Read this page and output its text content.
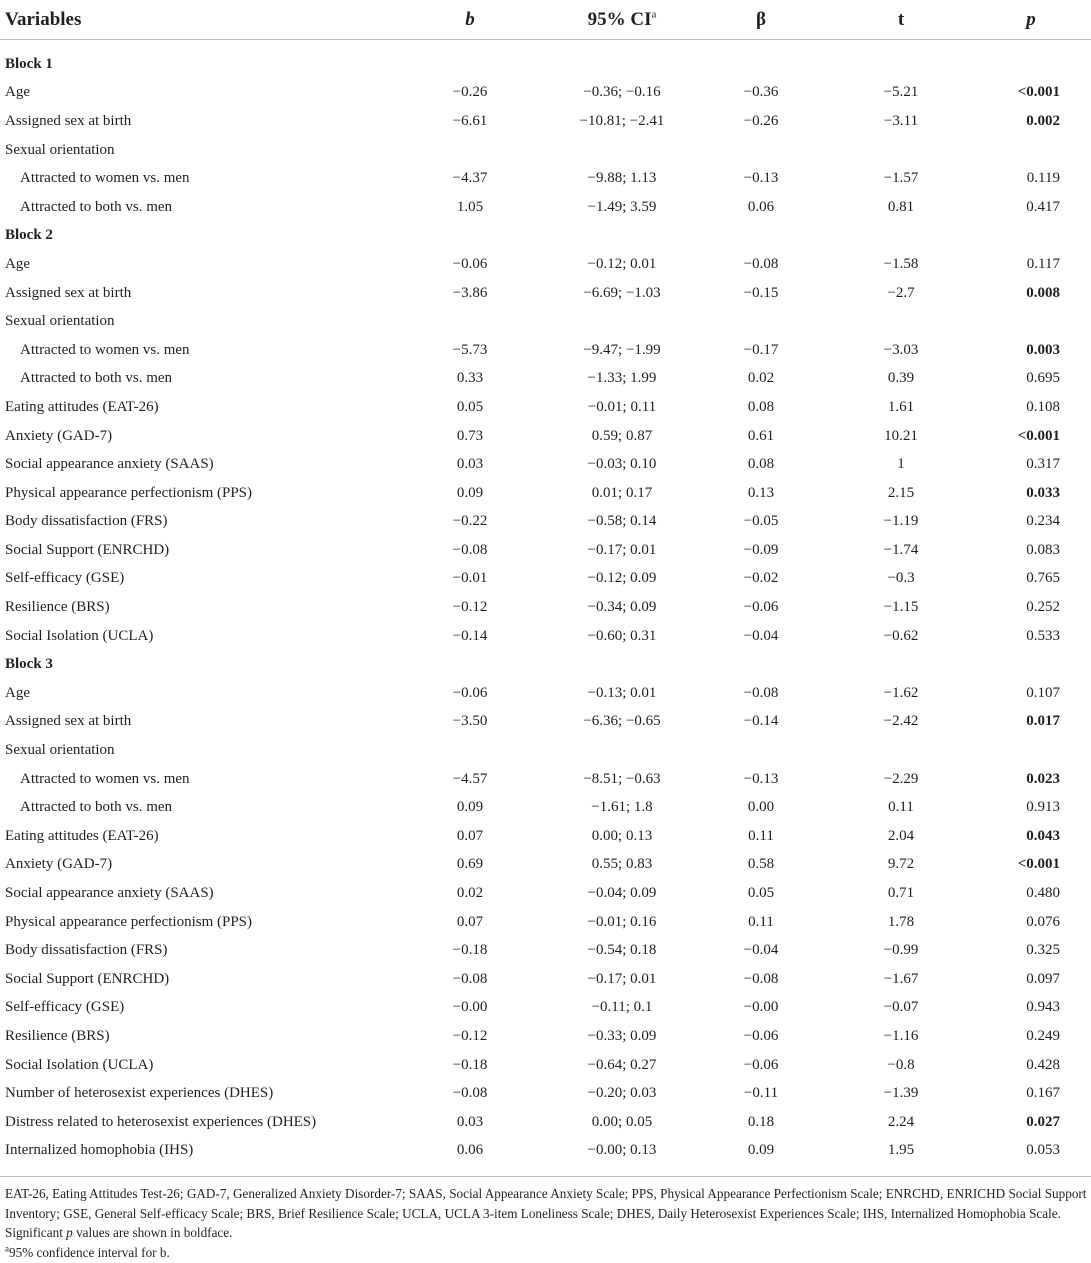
Variables	b	95% $CI^a$	β	t	p

Block 1					
Age	−0.26	−0.36; −0.16	−0.36	−5.21	<0.001
Assigned sex at birth	−6.61	−10.81; −2.41	−0.26	−3.11	0.002
Sexual orientation					
Attracted to women vs. men	−4.37	−9.88; 1.13	−0.13	−1.57	0.119
Attracted to both vs. men	1.05	−1.49; 3.59	0.06	0.81	0.417
Block 2					
Age	−0.06	−0.12; 0.01	−0.08	−1.58	0.117
Assigned sex at birth	−3.86	−6.69; −1.03	−0.15	−2.7	0.008
Sexual orientation					
Attracted to women vs. men	−5.73	−9.47; −1.99	−0.17	−3.03	0.003
Attracted to both vs. men	0.33	−1.33; 1.99	0.02	0.39	0.695
Eating attitudes (EAT-26)	0.05	−0.01; 0.11	0.08	1.61	0.108
Anxiety (GAD-7)	0.73	0.59; 0.87	0.61	10.21	<0.001
Social appearance anxiety (SAAS)	0.03	−0.03; 0.10	0.08	1	0.317
Physical appearance perfectionism (PPS)	0.09	0.01; 0.17	0.13	2.15	0.033
Body dissatisfaction (FRS)	−0.22	−0.58; 0.14	−0.05	−1.19	0.234
Social Support (ENRCHD)	−0.08	−0.17; 0.01	−0.09	−1.74	0.083
Self-efficacy (GSE)	−0.01	−0.12; 0.09	−0.02	−0.3	0.765
Resilience (BRS)	−0.12	−0.34; 0.09	−0.06	−1.15	0.252
Social Isolation (UCLA)	−0.14	−0.60; 0.31	−0.04	−0.62	0.533
Block 3					
Age	−0.06	−0.13; 0.01	−0.08	−1.62	0.107
Assigned sex at birth	−3.50	−6.36; −0.65	−0.14	−2.42	0.017
Sexual orientation					
Attracted to women vs. men	−4.57	−8.51; −0.63	−0.13	−2.29	0.023
Attracted to both vs. men	0.09	−1.61; 1.8	0.00	0.11	0.913
Eating attitudes (EAT-26)	0.07	0.00; 0.13	0.11	2.04	0.043
Anxiety (GAD-7)	0.69	0.55; 0.83	0.58	9.72	<0.001
Social appearance anxiety (SAAS)	0.02	−0.04; 0.09	0.05	0.71	0.480
Physical appearance perfectionism (PPS)	0.07	−0.01; 0.16	0.11	1.78	0.076
Body dissatisfaction (FRS)	−0.18	−0.54; 0.18	−0.04	−0.99	0.325
Social Support (ENRCHD)	−0.08	−0.17; 0.01	−0.08	−1.67	0.097
Self-efficacy (GSE)	−0.00	−0.11; 0.1	−0.00	−0.07	0.943
Resilience (BRS)	−0.12	−0.33; 0.09	−0.06	−1.16	0.249
Social Isolation (UCLA)	−0.18	−0.64; 0.27	−0.06	−0.8	0.428
Number of heterosexist experiences (DHES)	−0.08	−0.20; 0.03	−0.11	−1.39	0.167
Distress related to heterosexist experiences (DHES)	0.03	0.00; 0.05	0.18	2.24	0.027
Internalized homophobia (IHS)	0.06	−0.00; 0.13	0.09	1.95	0.053

EAT-26, Eating Attitudes Test-26; GAD-7, Generalized Anxiety Disorder-7; SAAS, Social Appearance Anxiety Scale; PPS, Physical Appearance Perfectionism Scale; ENRCHD, ENRICHD Social Support Inventory; GSE, General Self-efficacy Scale; BRS, Brief Resilience Scale; UCLA, UCLA 3-item Loneliness Scale; DHES, Daily Heterosexist Experiences Scale; IHS, Internalized Homophobia Scale. Significant p values are shown in boldface.

$^a$95% confidence interval for b.
